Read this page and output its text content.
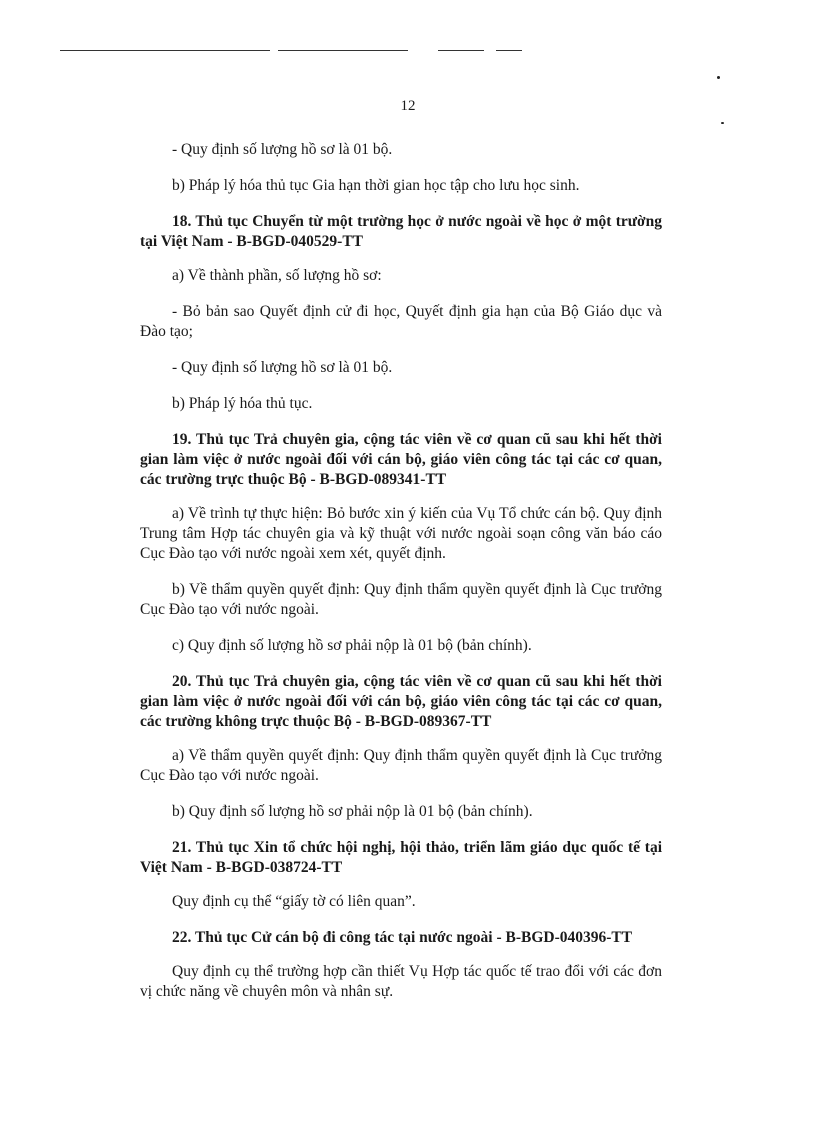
12

- Quy định số lượng hồ sơ là 01 bộ.

b) Pháp lý hóa thủ tục Gia hạn thời gian học tập cho lưu học sinh.

18. Thủ tục Chuyển từ một trường học ở nước ngoài về học ở một trường tại Việt Nam - B-BGD-040529-TT

a) Về thành phần, số lượng hồ sơ:

- Bỏ bản sao Quyết định cử đi học, Quyết định gia hạn của Bộ Giáo dục và Đào tạo;

- Quy định số lượng hồ sơ là 01 bộ.

b) Pháp lý hóa thủ tục.

19. Thủ tục Trả chuyên gia, cộng tác viên về cơ quan cũ sau khi hết thời gian làm việc ở nước ngoài đối với cán bộ, giáo viên công tác tại các cơ quan, các trường trực thuộc Bộ - B-BGD-089341-TT

a) Về trình tự thực hiện: Bỏ bước xin ý kiến của Vụ Tổ chức cán bộ. Quy định Trung tâm Hợp tác chuyên gia và kỹ thuật với nước ngoài soạn công văn báo cáo Cục Đào tạo với nước ngoài xem xét, quyết định.

b) Về thẩm quyền quyết định: Quy định thẩm quyền quyết định là Cục trưởng Cục Đào tạo với nước ngoài.

c) Quy định số lượng hồ sơ phải nộp là 01 bộ (bản chính).

20. Thủ tục Trả chuyên gia, cộng tác viên về cơ quan cũ sau khi hết thời gian làm việc ở nước ngoài đối với cán bộ, giáo viên công tác tại các cơ quan, các trường không trực thuộc Bộ - B-BGD-089367-TT

a) Về thẩm quyền quyết định: Quy định thẩm quyền quyết định là Cục trưởng Cục Đào tạo với nước ngoài.

b) Quy định số lượng hồ sơ phải nộp là 01 bộ (bản chính).

21. Thủ tục Xin tổ chức hội nghị, hội thảo, triển lãm giáo dục quốc tế tại Việt Nam - B-BGD-038724-TT

Quy định cụ thể “giấy tờ có liên quan”.

22. Thủ tục Cử cán bộ đi công tác tại nước ngoài - B-BGD-040396-TT

Quy định cụ thể trường hợp cần thiết Vụ Hợp tác quốc tế trao đổi với các đơn vị chức năng về chuyên môn và nhân sự.
